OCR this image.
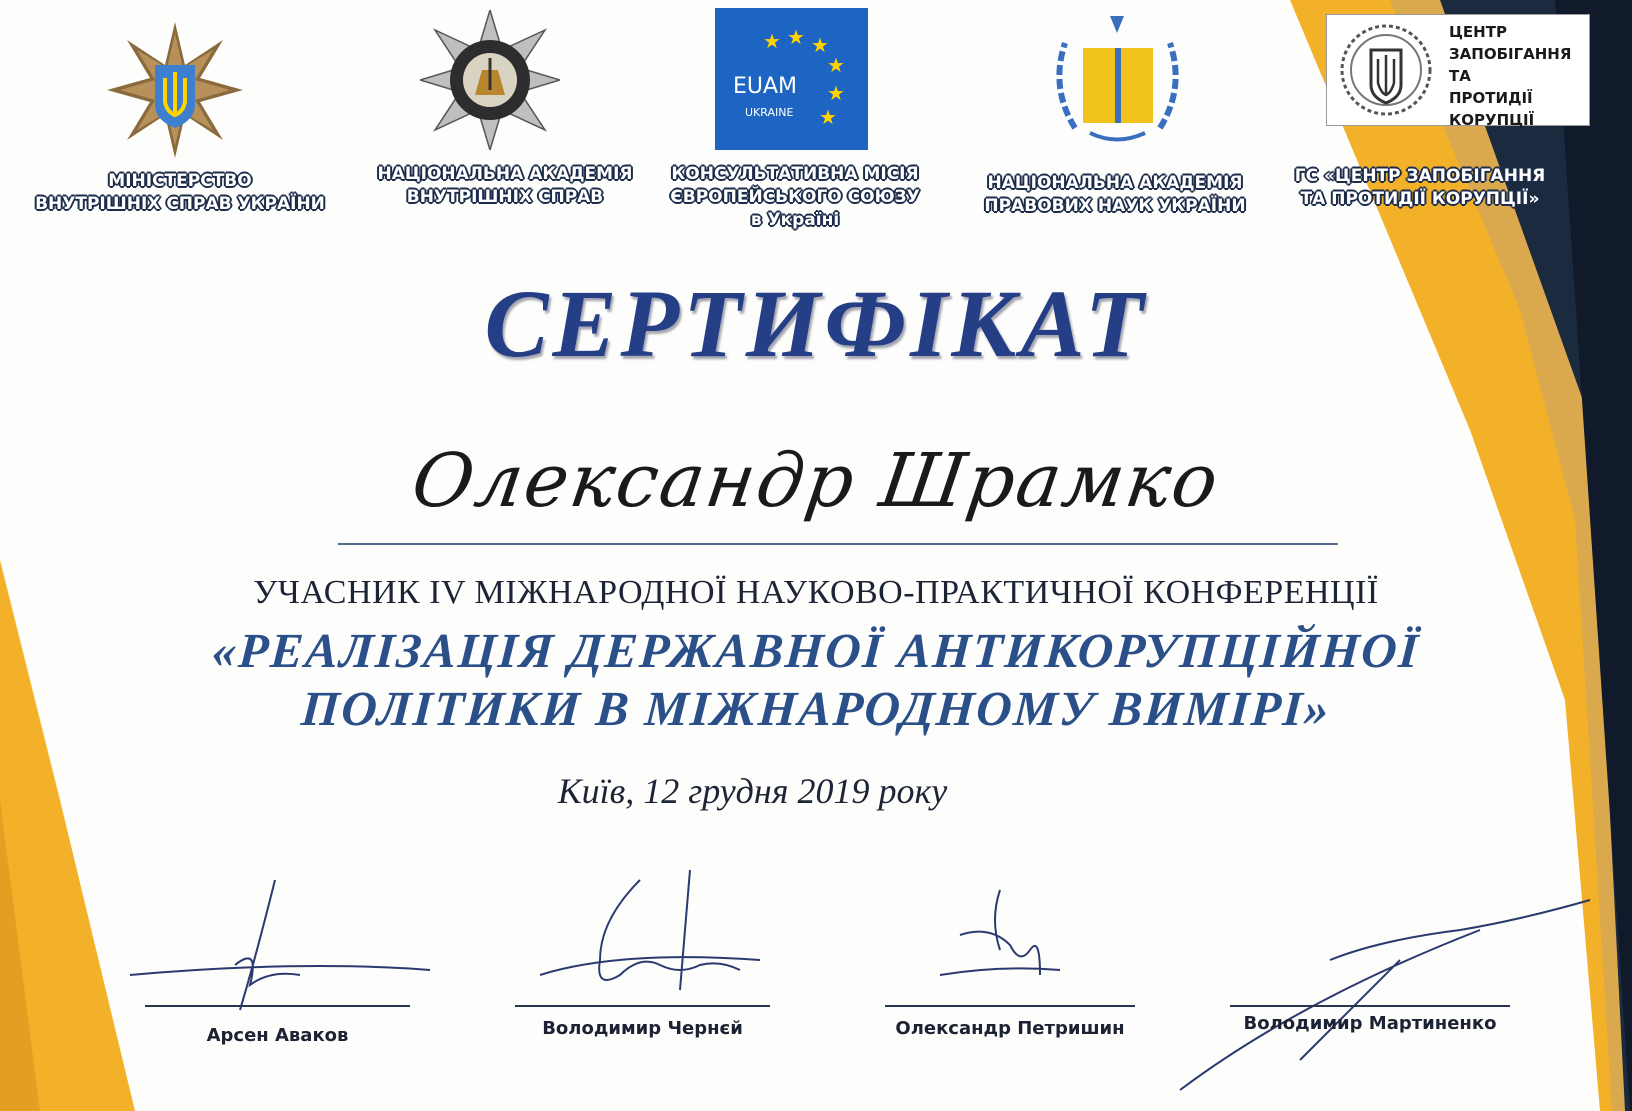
★ ★ ★
★
★
★
EUAM
UKRAINE
ЦЕНТР
ЗАПОБІГАННЯ ТА
ПРОТИДІЇ
КОРУПЦІЇ
МІНІСТЕРСТВО
ВНУТРІШНІХ СПРАВ УКРАЇНИ
НАЦІОНАЛЬНА АКАДЕМІЯ
ВНУТРІШНІХ СПРАВ
КОНСУЛЬТАТИВНА МІСІЯ
ЄВРОПЕЙСЬКОГО СОЮЗУ
в Україні
НАЦІОНАЛЬНА АКАДЕМІЯ
ПРАВОВИХ НАУК УКРАЇНИ
ГС «ЦЕНТР ЗАПОБІГАННЯ
ТА ПРОТИДІЇ КОРУПЦІЇ»
СЕРТИФІКАТ
Олександр Шрамко
УЧАСНИК IV МІЖНАРОДНОЇ НАУКОВО-ПРАКТИЧНОЇ КОНФЕРЕНЦІЇ
«РЕАЛІЗАЦІЯ ДЕРЖАВНОЇ АНТИКОРУПЦІЙНОЇ
ПОЛІТИКИ В МІЖНАРОДНОМУ ВИМІРІ»
Київ, 12 грудня 2019 року
Арсен Аваков	Володимир Чернєй	Олександр Петришин	Володимир Мартиненко
